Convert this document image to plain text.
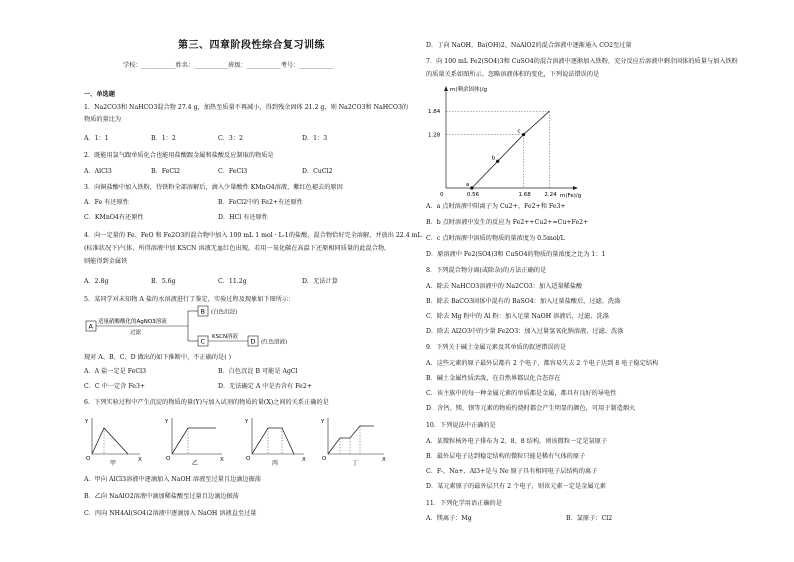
第三、四章阶段性综合复习训练
学校：___________姓名：___________班级：___________考号：___________
一、单选题
1．Na2CO3和 NaHCO3混合物 27.4 g，加热至质量不再减小，得到残余固体 21.2 g，则 Na2CO3和 NaHCO3的
物质的量比为
A．1：1	B．1：2	C．3：2	D．1：3
2．既能用氯气跟单质化合也能用盐酸跟金属和盐酸反应制取的物质是
A．AlCl3	B．FeCl2	C．FeCl3	D．CuCl2
3．向铜盐酸中加入铁粉，待铁粉全部溶解后，滴入少量酸性 KMnO4溶液，紫红色褪去的原因
A．Fe 有还原性	B．FeCl2中的 Fe2+有还原性
C．KMnO4有还原性	D．HCl 有还原性
4．向一定量的 Fe、FeO 和 Fe2O3的混合物中加入 100 mL 1 mol · L-1的盐酸，混合物恰好完全溶解，并放出 22.4 mL
(标准状况下)气体，所得溶液中加 KSCN 溶液无血红色出现。若用一氧化碳在高温下还原相同质量的此混合物，
则能得到金属铁
A．2.8g	B．5.6g	C．11.2g	D．无法计算
5．某同学对未知物 A 盐的水溶液进行了鉴定，实验过程及现象如下图所示：
A
适量硝酸酸化的AgNO3溶液
过滤
B (白色沉淀)
C
KSCN溶液
D (红色溶液)
现对 A、B、C、D 做出的如下推断中，不正确的是( )
A．A 盐一定是 FeCl3	B．白色沉淀 B 可能是 AgCl
C．C 中一定含 Fe3+	D．无法确定 A 中是否含有 Fe2+
6．下列实验过程中产生沉淀的物质的量(Y)与加入试剂的物质的量(X)之间的关系正确的是
Y
O	X
甲
Y
O	X
乙
Y
O	X
丙
Y
O	X
丁
A．甲向 AlCl3溶液中逐滴加入 NaOH 溶液至过量且边滴边振荡
B．乙向 NaAlO2溶液中滴加稀盐酸至过量且边滴边振荡
C．丙向 NH4Al(SO4)2溶液中逐滴加入 NaOH 溶液直至过量
D．丁向 NaOH、Ba(OH)2、NaAlO2的混合溶液中逐渐通入 CO2至过量
7．向 100 mL Fe2(SO4)3和 CuSO4的混合溶液中逐渐加入铁粉，充分反应后溶液中剩余固体的质量与加入铁粉
的质量关系如图所示。忽略溶液体积的变化，下列说法错误的是
m(剩余固体)/g
m(Fe)/g
0	0.56	1.68 2.24
1.84
1.28
a
b
c
A．a 点时溶液中阳离子为 Cu2+、Fe2+和 Fe3+
B．b 点时溶液中发生的反应为 Fe2++Cu2+=Cu+Fe2+
C．c 点时溶液中溶质的物质的量浓度为 0.5mol/L
D．原溶液中 Fe2(SO4)3和 CuSO4的物质的量浓度之比为 1：1
8．下列混合物分离(或除杂)的方法正确的是
A．除去 NaHCO3溶液中的 Na2CO3：加入适量稀盐酸
B．除去 BaCO3固体中混有的 BaSO4：加入过量盐酸后，过滤、洗涤
C．除去 Mg 粉中的 Al 粉：加入足量 NaOH 溶液后，过滤、洗涤
D．除去 Al2O3中的少量 Fe2O3：加入过量氢氧化钠溶液，过滤、洗涤
9．下列关于碱土金属元素及其单质的叙述错误的是
A．这些元素的原子最外层都有 2 个电子，都容易失去 2 个电子达到 8 电子稳定结构
B．碱土金属性质活泼，在自然界都以化合态存在
C．该主族中的每一种金属元素的单质都是金属，都具有良好的导电性
D．含钙、镁、钡等元素的物质灼烧时都会产生明显的颜色，可用于制造烟火
10．下列说法中正确的是
A．某微粒核外电子排布为 2、8、8 结构，则该微粒一定是氩原子
B．最外层电子达到稳定结构的微粒只能是稀有气体的原子
C．F-、Na+、Al3+是与 Ne 原子具有相同电子层结构的离子
D．某元素原子的最外层只有 2 个电子，则该元素一定是金属元素
11．下列化学用语正确的是
A．镁离子：Mg	B．氯原子：Cl2
